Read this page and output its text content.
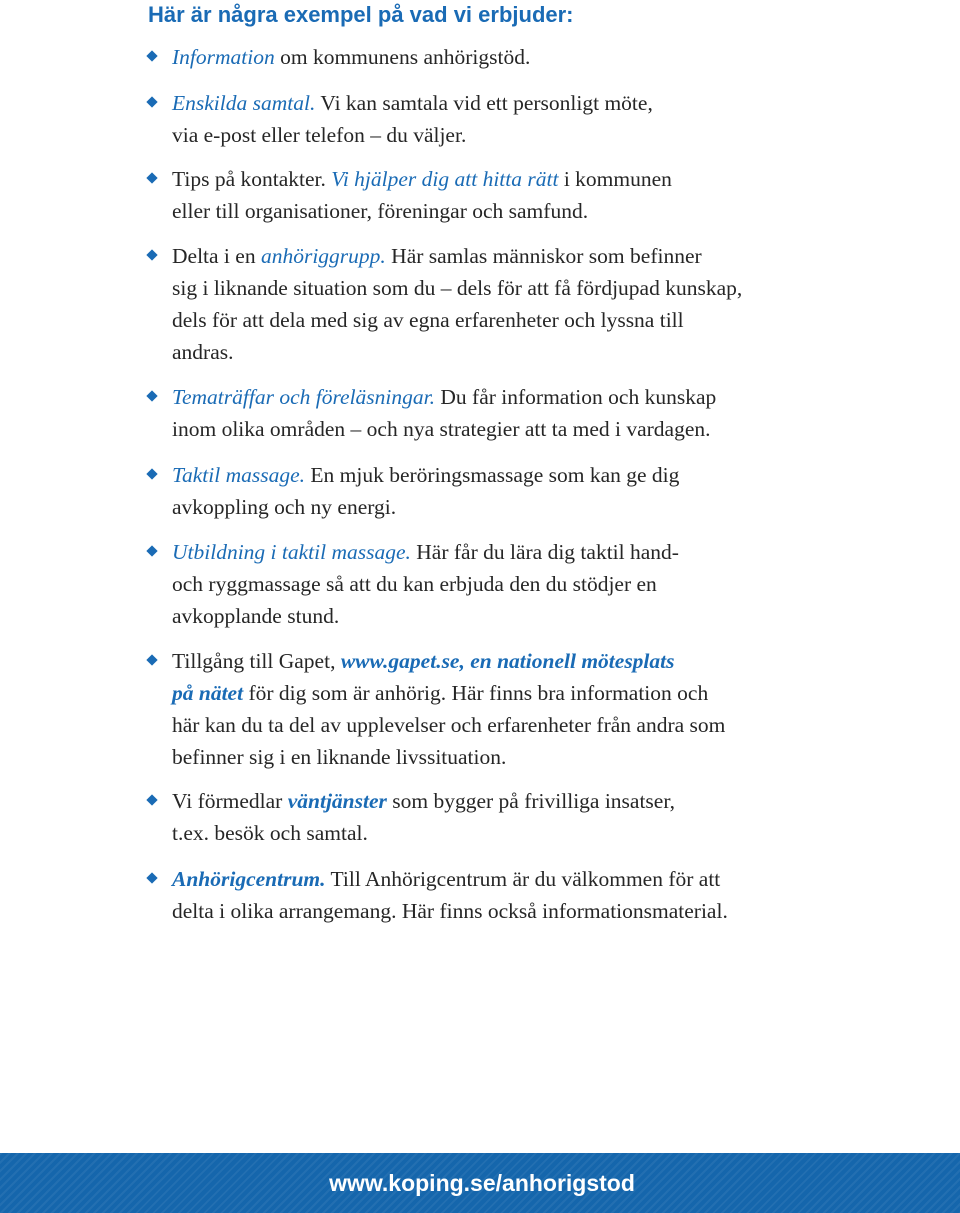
Här är några exempel på vad vi erbjuder:
Information om kommunens anhörigstöd.
Enskilda samtal. Vi kan samtala vid ett personligt möte,
via e-post eller telefon – du väljer.
Tips på kontakter. Vi hjälper dig att hitta rätt i kommunen
eller till organisationer, föreningar och samfund.
Delta i en anhöriggrupp. Här samlas människor som befinner
sig i liknande situation som du – dels för att få fördjupad kunskap,
dels för att dela med sig av egna erfarenheter och lyssna till
andras.
Tematräffar och föreläsningar. Du får information och kunskap
inom olika områden – och nya strategier att ta med i vardagen.
Taktil massage. En mjuk beröringsmassage som kan ge dig
avkoppling och ny energi.
Utbildning i taktil massage. Här får du lära dig taktil hand-
och ryggmassage så att du kan erbjuda den du stödjer en
avkopplande stund.
Tillgång till Gapet, www.gapet.se, en nationell mötesplats
på nätet för dig som är anhörig. Här finns bra information och
här kan du ta del av upplevelser och erfarenheter från andra som
befinner sig i en liknande livssituation.
Vi förmedlar väntjänster som bygger på frivilliga insatser,
t.ex. besök och samtal.
Anhörigcentrum. Till Anhörigcentrum är du välkommen för att
delta i olika arrangemang. Här finns också informationsmaterial.
www.koping.se/anhorigstod
